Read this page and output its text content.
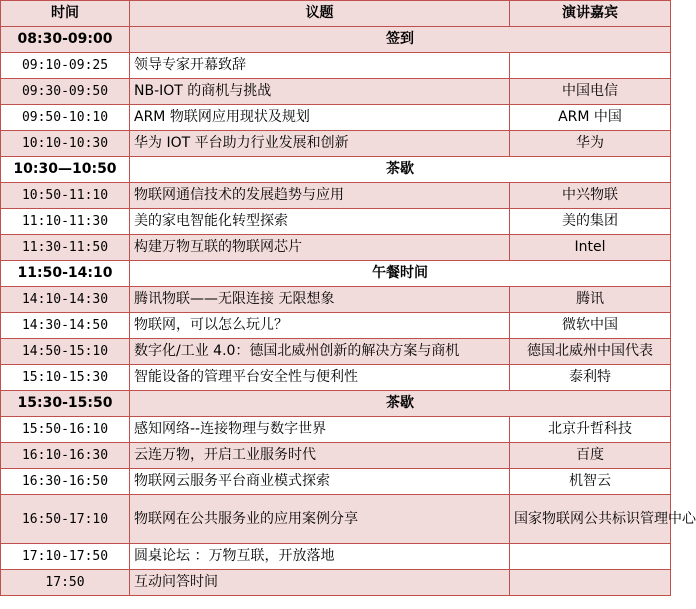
时间	议题	演讲嘉宾
08:30-09:00	签到	
09:10-09:25	领导专家开幕致辞	
09:30-09:50	NB-IOT 的商机与挑战	中国电信
09:50-10:10	ARM 物联网应用现状及规划	ARM 中国
10:10-10:30	华为 IOT 平台助力行业发展和创新	华为
10:30—10:50	茶歇	
10:50-11:10	物联网通信技术的发展趋势与应用	中兴物联
11:10-11:30	美的家电智能化转型探索	美的集团
11:30-11:50	构建万物互联的物联网芯片	Intel
11:50-14:10	午餐时间	
14:10-14:30	腾讯物联——无限连接 无限想象	腾讯
14:30-14:50	物联网，可以怎么玩儿？	微软中国
14:50-15:10	数字化/工业 4.0：德国北威州创新的解决方案与商机	德国北威州中国代表
15:10-15:30	智能设备的管理平台安全性与便利性	泰利特
15:30-15:50	茶歇	
15:50-16:10	感知网络--连接物理与数字世界	北京升哲科技
16:10-16:30	云连万物，开启工业服务时代	百度
16:30-16:50	物联网云服务平台商业模式探索	机智云
16:50-17:10	物联网在公共服务业的应用案例分享	国家物联网公共标识管理中心
17:10-17:50	圆桌论坛 ：万物互联，开放落地	
17:50	互动问答时间	
